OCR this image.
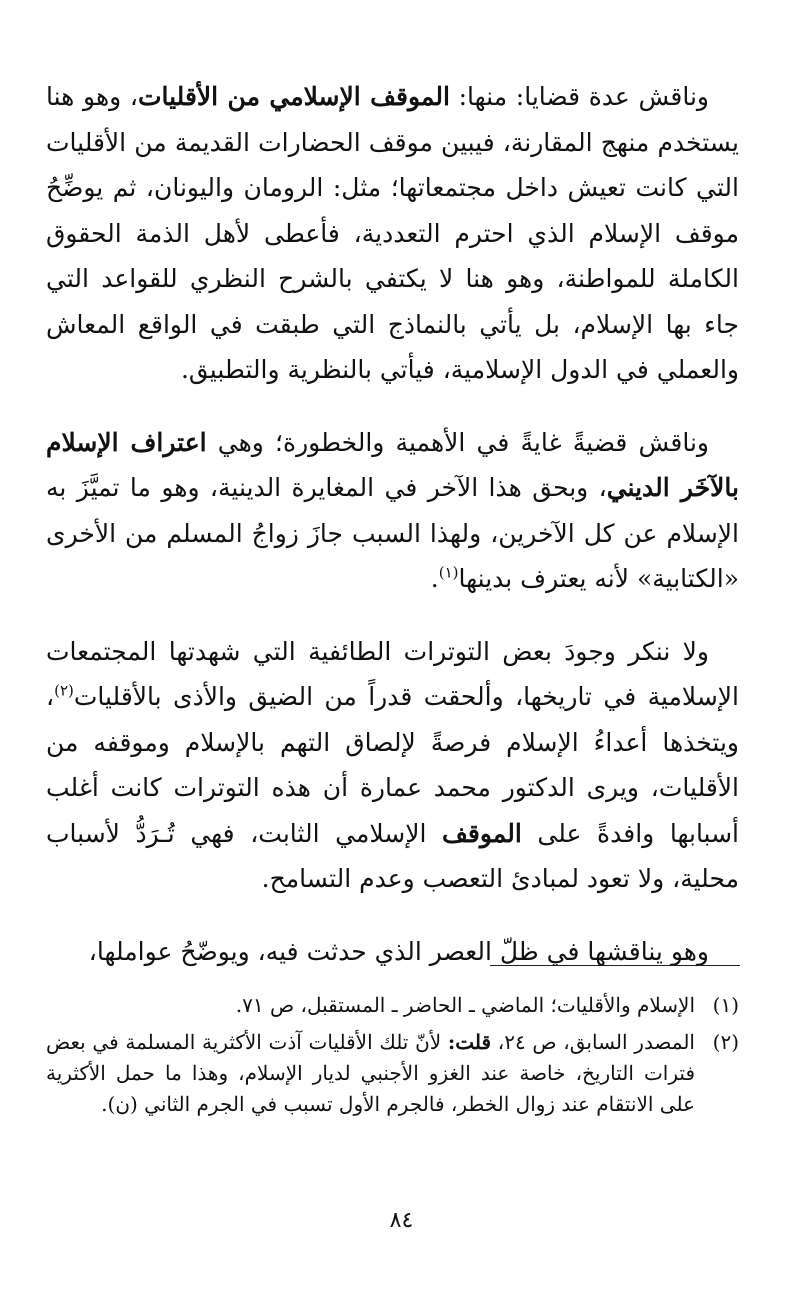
وناقش عدة قضايا: منها: الموقف الإسلامي من الأقليات، وهو هنا يستخدم منهج المقارنة، فيبين موقف الحضارات القديمة من الأقليات التي كانت تعيش داخل مجتمعاتها؛ مثل: الرومان واليونان، ثم يوضِّحُ موقف الإسلام الذي احترم التعددية، فأعطى لأهل الذمة الحقوق الكاملة للمواطنة، وهو هنا لا يكتفي بالشرح النظري للقواعد التي جاء بها الإسلام، بل يأتي بالنماذج التي طبقت في الواقع المعاش والعملي في الدول الإسلامية، فيأتي بالنظرية والتطبيق.

وناقش قضيةً غايةً في الأهمية والخطورة؛ وهي اعتراف الإسلام بالآخَر الديني، وبحق هذا الآخر في المغايرة الدينية، وهو ما تميَّزَ به الإسلام عن كل الآخرين، ولهذا السبب جازَ زواجُ المسلم من الأخرى «الكتابية» لأنه يعترف بدينها$^{(١)}$.

ولا ننكر وجودَ بعض التوترات الطائفية التي شهدتها المجتمعات الإسلامية في تاريخها، وألحقت قدراً من الضيق والأذى بالأقليات$^{(٢)}$، ويتخذها أعداءُ الإسلام فرصةً لإلصاق التهم بالإسلام وموقفه من الأقليات، ويرى الدكتور محمد عمارة أن هذه التوترات كانت أغلب أسبابها وافدةً على الموقف الإسلامي الثابت، فهي تُـرَدُّ لأسباب محلية، ولا تعود لمبادئ التعصب وعدم التسامح.

وهو يناقشها في ظلّ العصر الذي حدثت فيه، ويوضّحُ عواملها،

(١)
الإسلام والأقليات؛ الماضي ـ الحاضر ـ المستقبل، ص ٧١.
(٢)
المصدر السابق، ص ٢٤، قلت: لأنّ تلك الأقليات آذت الأكثرية المسلمة في بعض فترات التاريخ، خاصة عند الغزو الأجنبي لديار الإسلام، وهذا ما حمل الأكثرية على الانتقام عند زوال الخطر، فالجرم الأول تسبب في الجرم الثاني (ن).
٨٤
